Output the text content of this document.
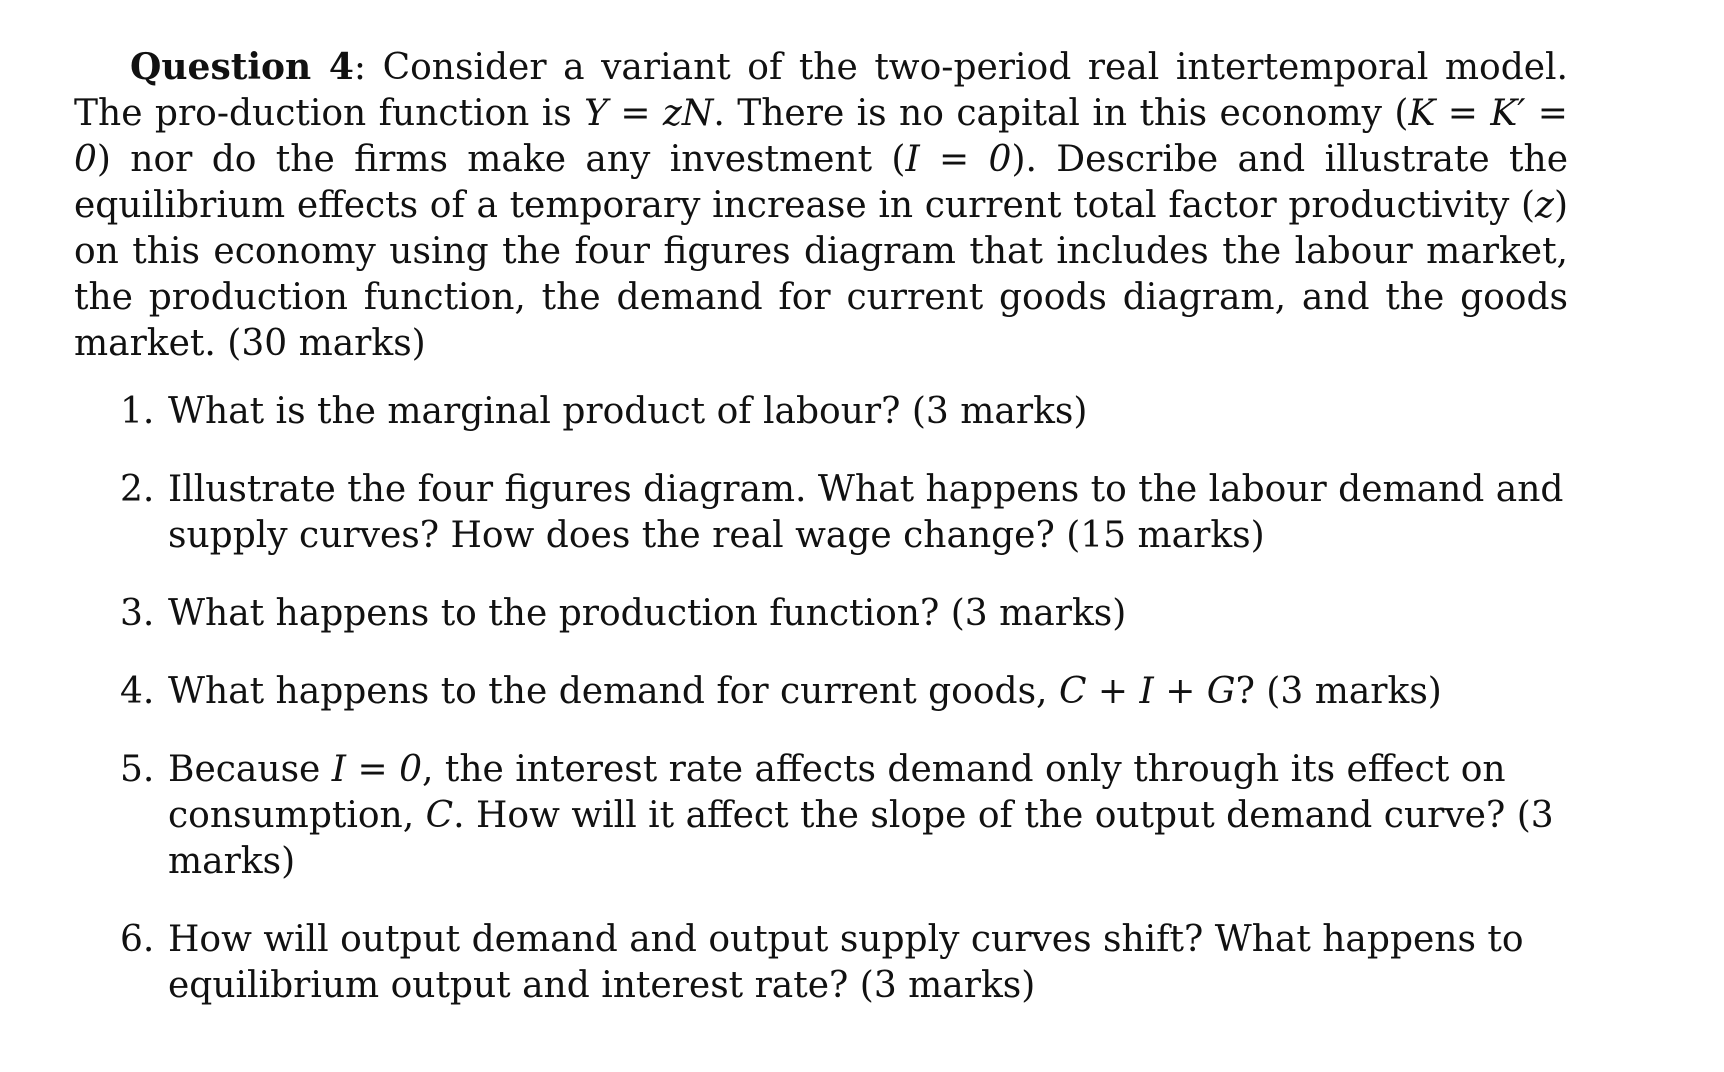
Question 4: Consider a variant of the two-period real intertemporal model. The pro-duction function is Y = zN. There is no capital in this economy (K = K′ = 0) nor do the firms make any investment (I = 0). Describe and illustrate the equilibrium effects of a temporary increase in current total factor productivity (z) on this economy using the four figures diagram that includes the labour market, the production function, the demand for current goods diagram, and the goods market. (30 marks)

1. What is the marginal product of labour? (3 marks)
2. Illustrate the four figures diagram. What happens to the labour demand and supply curves? How does the real wage change? (15 marks)
3. What happens to the production function? (3 marks)
4. What happens to the demand for current goods, C + I + G? (3 marks)
5. Because I = 0, the interest rate affects demand only through its effect on consumption, C. How will it affect the slope of the output demand curve? (3 marks)
6. How will output demand and output supply curves shift? What happens to equilibrium output and interest rate? (3 marks)
